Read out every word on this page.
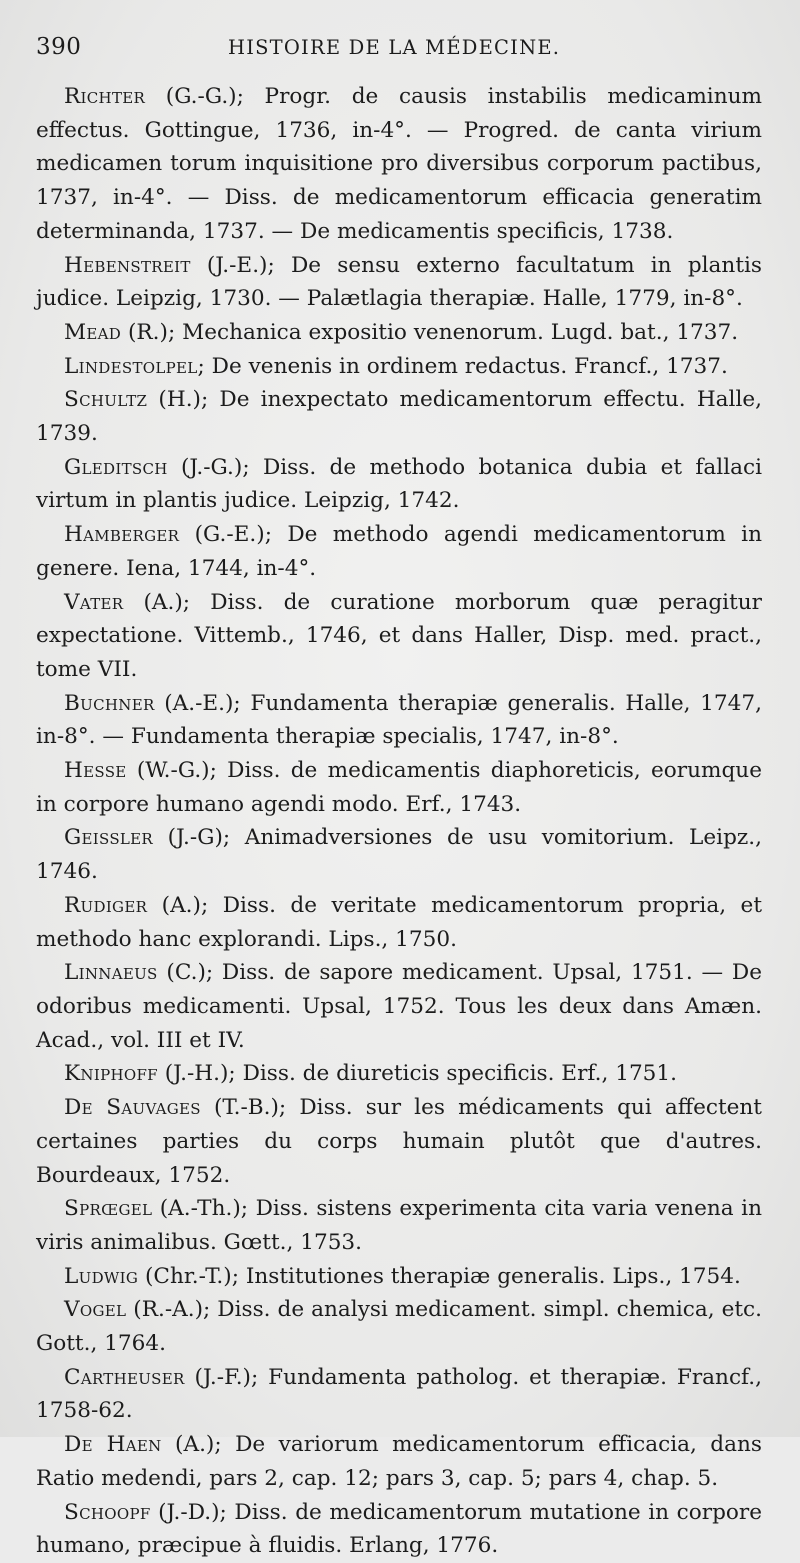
390	HISTOIRE DE LA MÉDECINE.

Richter (G.-G.); Progr. de causis instabilis medicaminum effectus. Gottingue, 1736, in-4°. — Progred. de canta virium medicamen torum inquisitione pro diversibus corporum pactibus, 1737, in-4°. — Diss. de medicamentorum efficacia generatim determinanda, 1737. — De medicamentis specificis, 1738.

Hebenstreit (J.-E.); De sensu externo facultatum in plantis judice. Leipzig, 1730. — Palætlagia therapiæ. Halle, 1779, in-8°.

Mead (R.); Mechanica expositio venenorum. Lugd. bat., 1737.

Lindestolpel; De venenis in ordinem redactus. Francf., 1737.

Schultz (H.); De inexpectato medicamentorum effectu. Halle, 1739.

Gleditsch (J.-G.); Diss. de methodo botanica dubia et fallaci virtum in plantis judice. Leipzig, 1742.

Hamberger (G.-E.); De methodo agendi medicamentorum in genere. Iena, 1744, in-4°.

Vater (A.); Diss. de curatione morborum quæ peragitur expectatione. Vittemb., 1746, et dans Haller, Disp. med. pract., tome VII.

Buchner (A.-E.); Fundamenta therapiæ generalis. Halle, 1747, in-8°. — Fundamenta therapiæ specialis, 1747, in-8°.

Hesse (W.-G.); Diss. de medicamentis diaphoreticis, eorumque in corpore humano agendi modo. Erf., 1743.

Geissler (J.-G); Animadversiones de usu vomitorium. Leipz., 1746.

Rudiger (A.); Diss. de veritate medicamentorum propria, et methodo hanc explorandi. Lips., 1750.

Linnaeus (C.); Diss. de sapore medicament. Upsal, 1751. — De odoribus medicamenti. Upsal, 1752. Tous les deux dans Amæn. Acad., vol. III et IV.

Kniphoff (J.-H.); Diss. de diureticis specificis. Erf., 1751.

De Sauvages (T.-B.); Diss. sur les médicaments qui affectent certaines parties du corps humain plutôt que d'autres. Bourdeaux, 1752.

Sprœgel (A.-Th.); Diss. sistens experimenta cita varia venena in viris animalibus. Gœtt., 1753.

Ludwig (Chr.-T.); Institutiones therapiæ generalis. Lips., 1754.

Vogel (R.-A.); Diss. de analysi medicament. simpl. chemica, etc. Gott., 1764.

Cartheuser (J.-F.); Fundamenta patholog. et therapiæ. Francf., 1758-62.

De Haen (A.); De variorum medicamentorum efficacia, dans Ratio medendi, pars 2, cap. 12; pars 3, cap. 5; pars 4, chap. 5.

Schoopf (J.-D.); Diss. de medicamentorum mutatione in corpore humano, præcipue à fluidis. Erlang, 1776.
